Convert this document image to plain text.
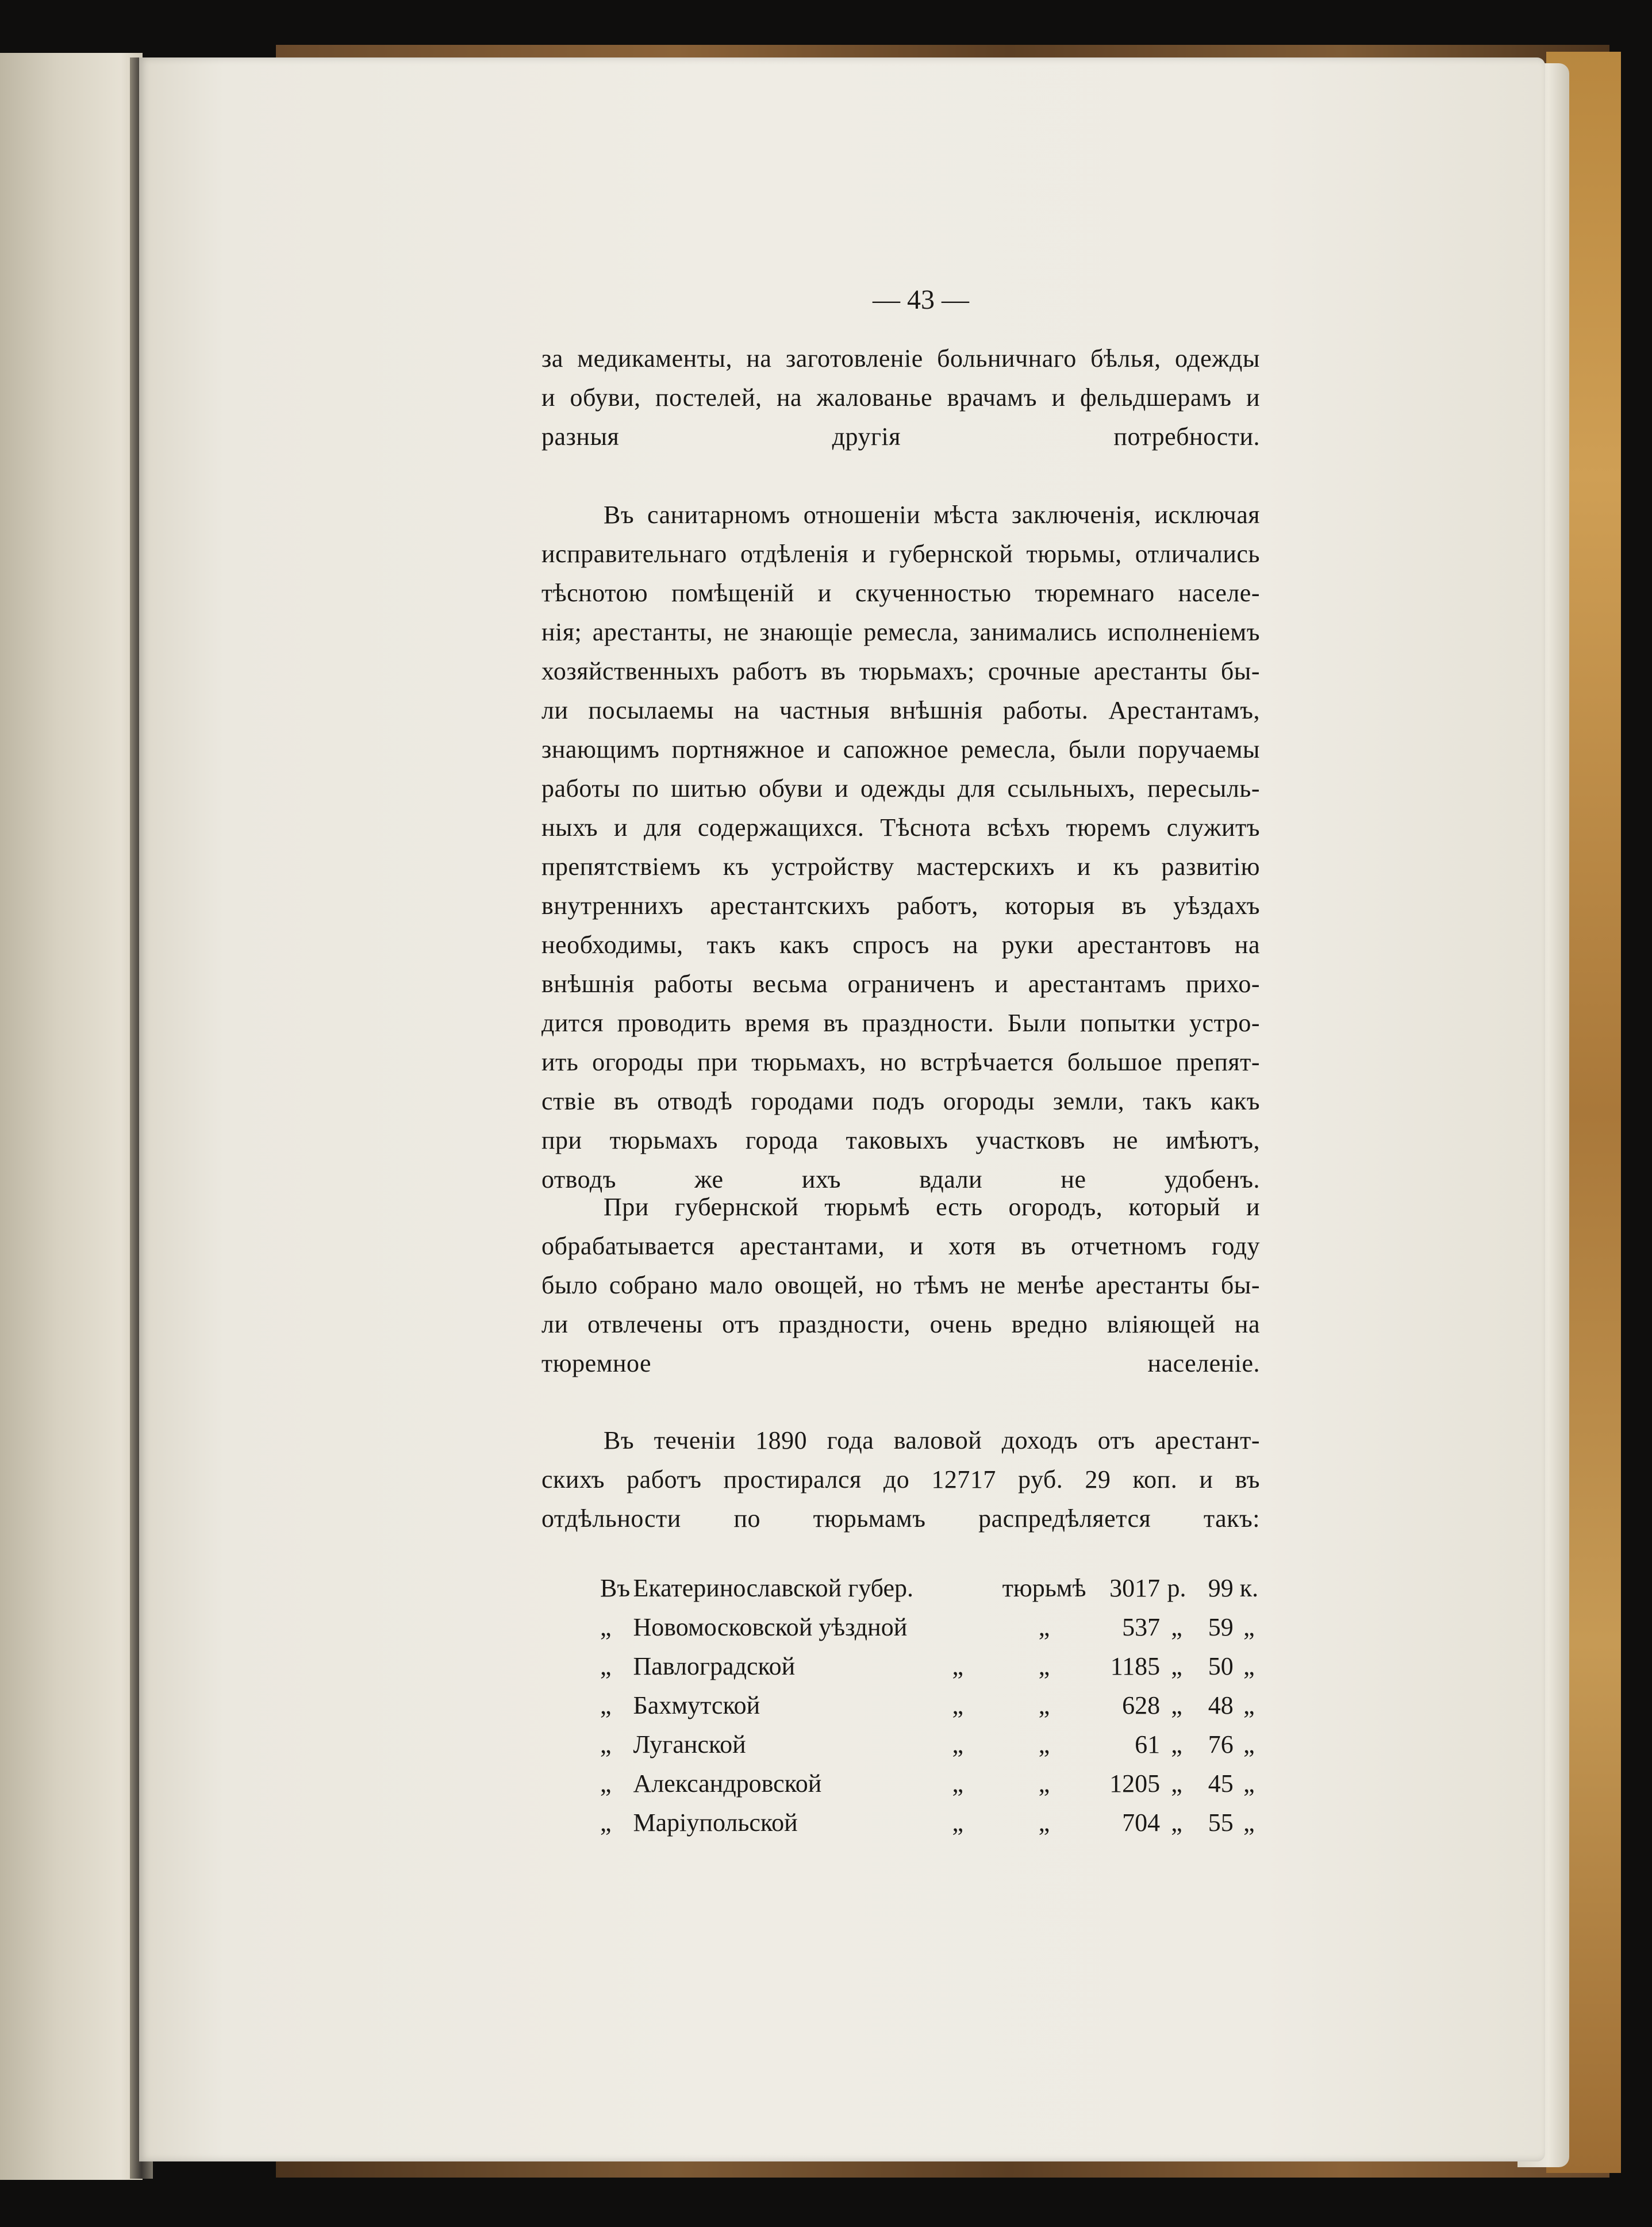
— 43 —
за медикаменты, на заготовленіе больничнаго бѣлья, одежды
и обуви, постелей, на жалованье врачамъ и фельдшерамъ и
разныя другія потребности.
Въ санитарномъ отношеніи мѣста заключенія, исключая
исправительнаго отдѣленія и губернской тюрьмы, отличались
тѣснотою помѣщеній и скученностью тюремнаго населе-
нія; арестанты, не знающіе ремесла, занимались исполненіемъ
хозяйственныхъ работъ въ тюрьмахъ; срочные арестанты бы-
ли посылаемы на частныя внѣшнія работы. Арестантамъ,
знающимъ портняжное и сапожное ремесла, были поручаемы
работы по шитью обуви и одежды для ссыльныхъ, пересыль-
ныхъ и для содержащихся. Тѣснота всѣхъ тюремъ служитъ
препятствіемъ къ устройству мастерскихъ и къ развитію
внутреннихъ арестантскихъ работъ, которыя въ уѣздахъ
необходимы, такъ какъ спросъ на руки арестантовъ на
внѣшнія работы весьма ограниченъ и арестантамъ прихо-
дится проводить время въ праздности. Были попытки устро-
ить огороды при тюрьмахъ, но встрѣчается большое препят-
ствіе въ отводѣ городами подъ огороды земли, такъ какъ
при тюрьмахъ города таковыхъ участковъ не имѣютъ,
отводъ же ихъ вдали не удобенъ.
При губернской тюрьмѣ есть огородъ, который и
обрабатывается арестантами, и хотя въ отчетномъ году
было собрано мало овощей, но тѣмъ не менѣе арестанты бы-
ли отвлечены отъ праздности, очень вредно вліяющей на
тюремное населеніе.
Въ теченіи 1890 года валовой доходъ отъ арестант-
скихъ работъ простирался до 12717 руб. 29 коп. и въ
отдѣльности по тюрьмамъ распредѣляется такъ:
Въ	Екатеринославской губер.		тюрьмѣ	3017	р.	99	к.
„	Новомосковской уѣздной		„	537	„	59	„
„	Павлоградской	„	„	1185	„	50	„
„	Бахмутской	„	„	628	„	48	„
„	Луганской	„	„	61	„	76	„
„	Александровской	„	„	1205	„	45	„
„	Маріупольской	„	„	704	„	55	„
